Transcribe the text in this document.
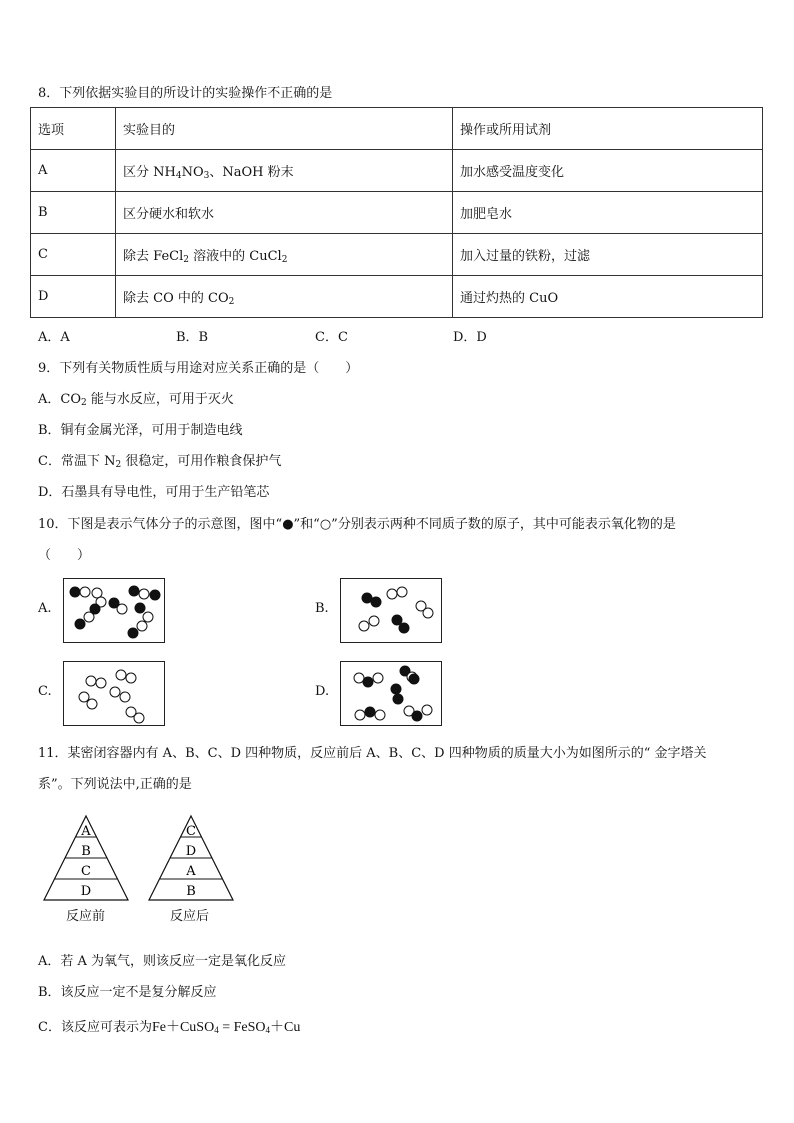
8．下列依据实验目的所设计的实验操作不正确的是
选项	实验目的	操作或所用试剂
A	区分 $NH_4NO_3$、NaOH 粉末	加水感受温度变化
B	区分硬水和软水	加肥皂水
C	除去 FeCl$_2$ 溶液中的 CuCl$_2$	加入过量的铁粉，过滤
D	除去 CO 中的 $CO_2$	通过灼热的 CuO
A．A	B．B	C．C	D．D
9．下列有关物质性质与用途对应关系正确的是（　　）
A．$CO_2$ 能与水反应，可用于灭火
B．铜有金属光泽，可用于制造电线
C．常温下 $N_2$ 很稳定，可用作粮食保护气
D．石墨具有导电性，可用于生产铅笔芯
10．下图是表示气体分子的示意图，图中“●”和“○”分别表示两种不同质子数的原子，其中可能表示氧化物的是
（　　）
A.	B.
C.	D.
11．某密闭容器内有 A、B、C、D 四种物质，反应前后 A、B、C、D 四种物质的质量大小为如图所示的“ 金字塔关
系”。下列说法中,正确的是
A
B
C
D
反应前
C
D
A
B
反应后
A．若 A 为氧气，则该反应一定是氧化反应
B．该反应一定不是复分解反应
C．该反应可表示为Fe＋CuSO$_4$ = FeSO$_4$＋Cu
